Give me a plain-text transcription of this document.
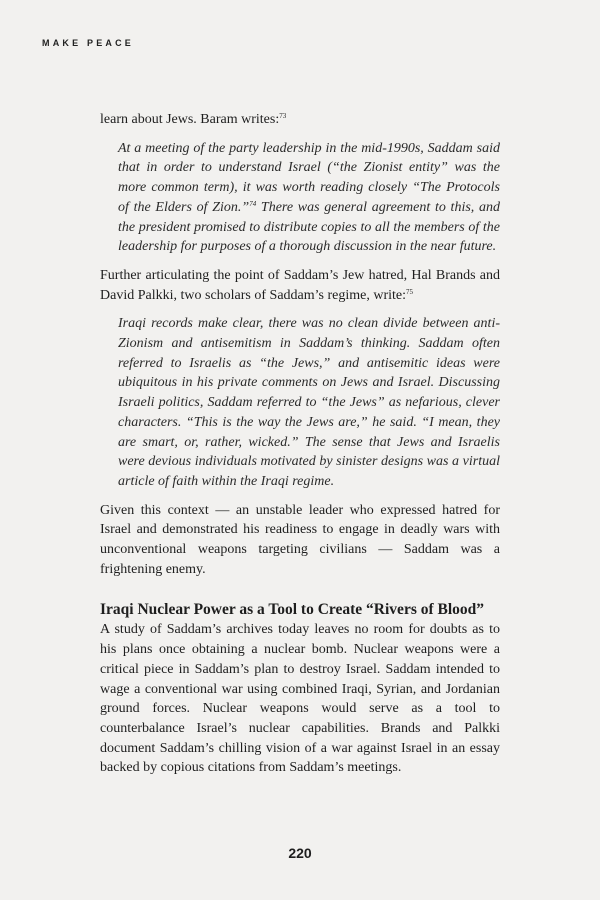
MAKE PEACE

learn about Jews. Baram writes:$^{73}$

At a meeting of the party leadership in the mid-1990s, Saddam said that in order to understand Israel (“the Zionist entity” was the more common term), it was worth reading closely “The Protocols of the Elders of Zion.”$^{74}$ There was general agreement to this, and the president promised to distribute copies to all the members of the leadership for purposes of a thorough discussion in the near future.

Further articulating the point of Saddam’s Jew hatred, Hal Brands and David Palkki, two scholars of Saddam’s regime, write:$^{75}$

Iraqi records make clear, there was no clean divide between anti-Zionism and antisemitism in Saddam’s thinking. Saddam often referred to Israelis as “the Jews,” and antisemitic ideas were ubiquitous in his private comments on Jews and Israel. Discussing Israeli politics, Saddam referred to “the Jews” as nefarious, clever characters. “This is the way the Jews are,” he said. “I mean, they are smart, or, rather, wicked.” The sense that Jews and Israelis were devious individuals motivated by sinister designs was a virtual article of faith within the Iraqi regime.

Given this context — an unstable leader who expressed hatred for Israel and demonstrated his readiness to engage in deadly wars with unconventional weapons targeting civilians — Saddam was a frightening enemy.

Iraqi Nuclear Power as a Tool to Create “Rivers of Blood”

A study of Saddam’s archives today leaves no room for doubts as to his plans once obtaining a nuclear bomb. Nuclear weapons were a critical piece in Saddam’s plan to destroy Israel. Saddam intended to wage a conventional war using combined Iraqi, Syrian, and Jordanian ground forces. Nuclear weapons would serve as a tool to counterbalance Israel’s nuclear capabilities. Brands and Palkki document Saddam’s chilling vision of a war against Israel in an essay backed by copious citations from Saddam’s meetings.

220
